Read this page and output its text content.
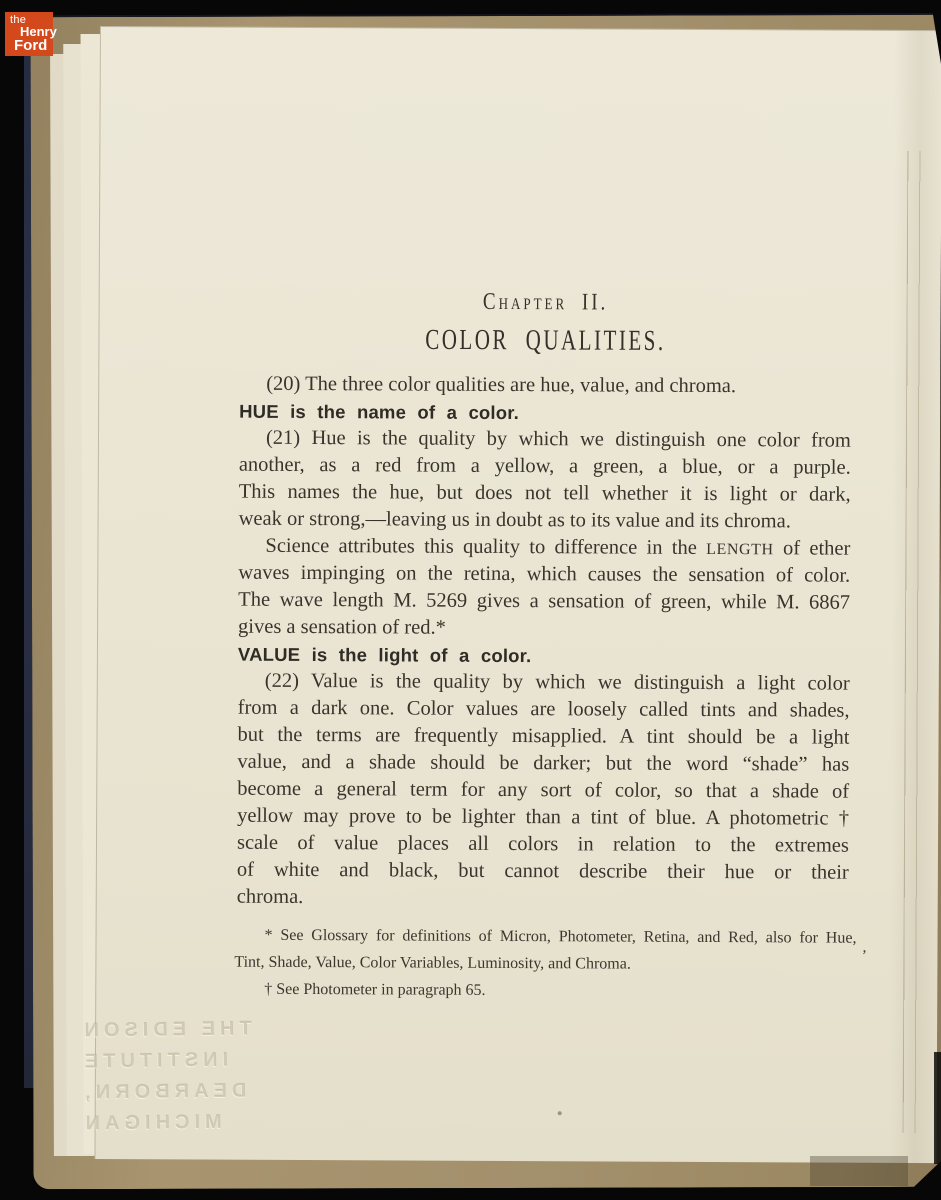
Chapter II.
COLOR QUALITIES.
(20) The three color qualities are hue, value, and chroma.
HUE is the name of a color.
(21) Hue is the quality by which we distinguish one color from
another, as a red from a yellow, a green, a blue, or a purple.
This names the hue, but does not tell whether it is light or dark,
weak or strong,—leaving us in doubt as to its value and its chroma.
Science attributes this quality to difference in the LENGTH of ether
waves impinging on the retina, which causes the sensation of color.
The wave length M. 5269 gives a sensation of green, while M. 6867
gives a sensation of red.*
VALUE is the light of a color.
(22) Value is the quality by which we distinguish a light color
from a dark one. Color values are loosely called tints and shades,
but the terms are frequently misapplied. A tint should be a light
value, and a shade should be darker; but the word “shade” has
become a general term for any sort of color, so that a shade of
yellow may prove to be lighter than a tint of blue. A photometric †
scale of value places all colors in relation to the extremes
of white and black, but cannot describe their hue or their
chroma.
* See Glossary for definitions of Micron, Photometer, Retina, and Red, also for Hue,
Tint, Shade, Value, Color Variables, Luminosity, and Chroma.
† See Photometer in paragraph 65.
THE EDISON INSTITUTE
DEARBORN, MICHIGAN
,
the
Henry
Ford
